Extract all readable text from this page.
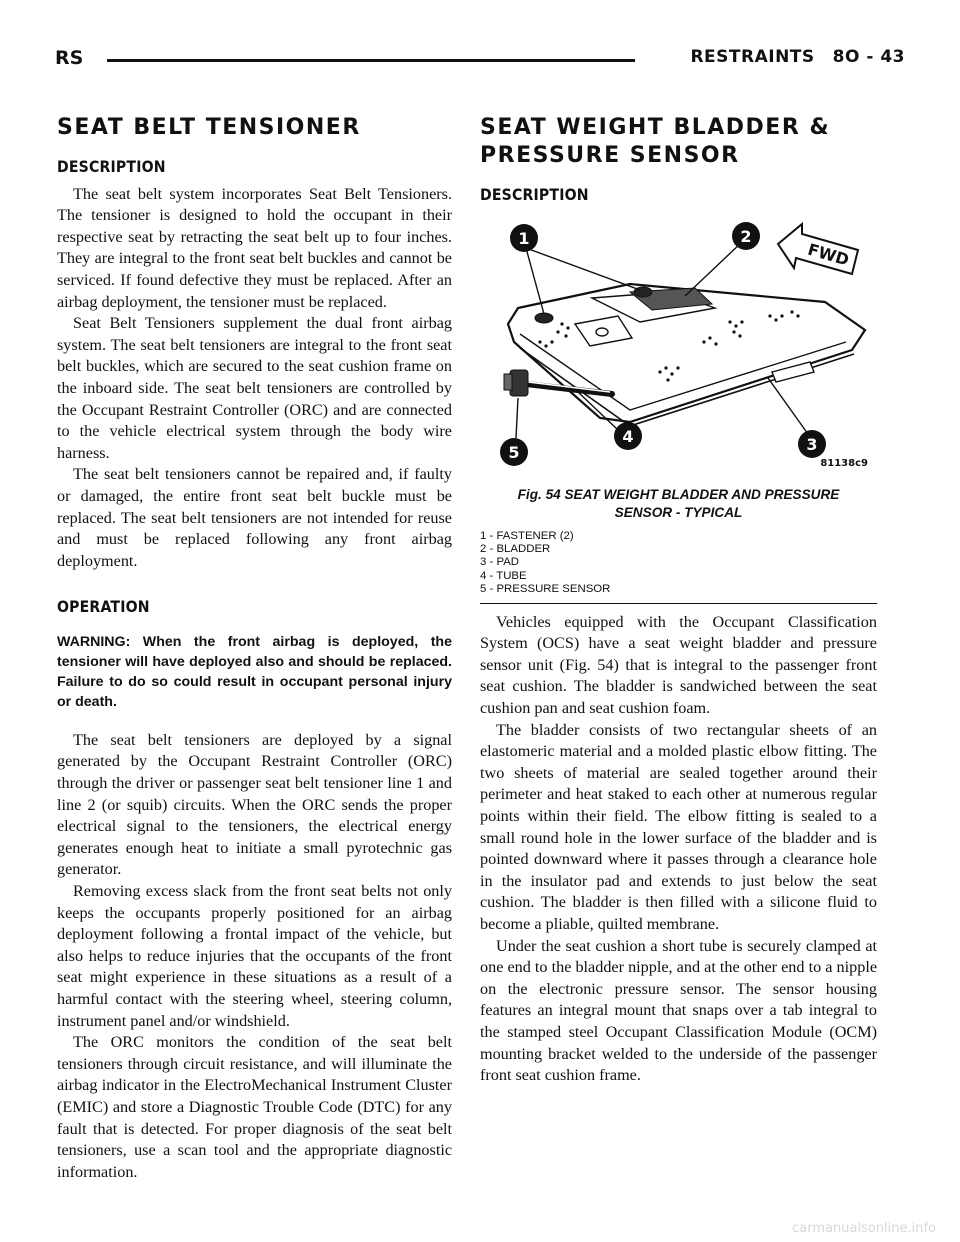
RS	RESTRAINTS 8O - 43
SEAT BELT TENSIONER
DESCRIPTION

The seat belt system incorporates Seat Belt Tensioners. The tensioner is designed to hold the occupant in their respective seat by retracting the seat belt up to four inches. They are integral to the front seat belt buckles and cannot be serviced. If found defective they must be replaced. After an airbag deployment, the tensioner must be replaced.

Seat Belt Tensioners supplement the dual front airbag system. The seat belt tensioners are integral to the front seat belt buckles, which are secured to the seat cushion frame on the inboard side. The seat belt tensioners are controlled by the Occupant Restraint Controller (ORC) and are connected to the vehicle electrical system through the body wire harness.

The seat belt tensioners cannot be repaired and, if faulty or damaged, the entire front seat belt buckle must be replaced. The seat belt tensioners are not intended for reuse and must be replaced following any front airbag deployment.

OPERATION

WARNING: When the front airbag is deployed, the tensioner will have deployed also and should be replaced. Failure to do so could result in occupant personal injury or death.

The seat belt tensioners are deployed by a signal generated by the Occupant Restraint Controller (ORC) through the driver or passenger seat belt tensioner line 1 and line 2 (or squib) circuits. When the ORC sends the proper electrical signal to the tensioners, the electrical energy generates enough heat to initiate a small pyrotechnic gas generator.

Removing excess slack from the front seat belts not only keeps the occupants properly positioned for an airbag deployment following a frontal impact of the vehicle, but also helps to reduce injuries that the occupants of the front seat might experience in these situations as a result of a harmful contact with the steering wheel, steering column, instrument panel and/or windshield.

The ORC monitors the condition of the seat belt tensioners through circuit resistance, and will illuminate the airbag indicator in the ElectroMechanical Instrument Cluster (EMIC) and store a Diagnostic Trouble Code (DTC) for any fault that is detected. For proper diagnosis of the seat belt tensioners, use a scan tool and the appropriate diagnostic information.

SEAT WEIGHT BLADDER &
PRESSURE SENSOR
DESCRIPTION
1	2
3
4
5
FWD
81138c9
Fig. 54 SEAT WEIGHT BLADDER AND PRESSURE
SENSOR - TYPICAL
1 - FASTENER (2)
2 - BLADDER
3 - PAD
4 - TUBE
5 - PRESSURE SENSOR

Vehicles equipped with the Occupant Classification System (OCS) have a seat weight bladder and pressure sensor unit (Fig. 54) that is integral to the passenger front seat cushion. The bladder is sandwiched between the seat cushion pan and seat cushion foam.

The bladder consists of two rectangular sheets of an elastomeric material and a molded plastic elbow fitting. The two sheets of material are sealed together around their perimeter and heat staked to each other at numerous regular points within their field. The elbow fitting is sealed to a small round hole in the lower surface of the bladder and is pointed downward where it passes through a clearance hole in the insulator pad and extends to just below the seat cushion. The bladder is then filled with a silicone fluid to become a pliable, quilted membrane.

Under the seat cushion a short tube is securely clamped at one end to the bladder nipple, and at the other end to a nipple on the electronic pressure sensor. The sensor housing features an integral mount that snaps over a tab integral to the stamped steel Occupant Classification Module (OCM) mounting bracket welded to the underside of the passenger front seat cushion frame.

carmanualsonline.info
